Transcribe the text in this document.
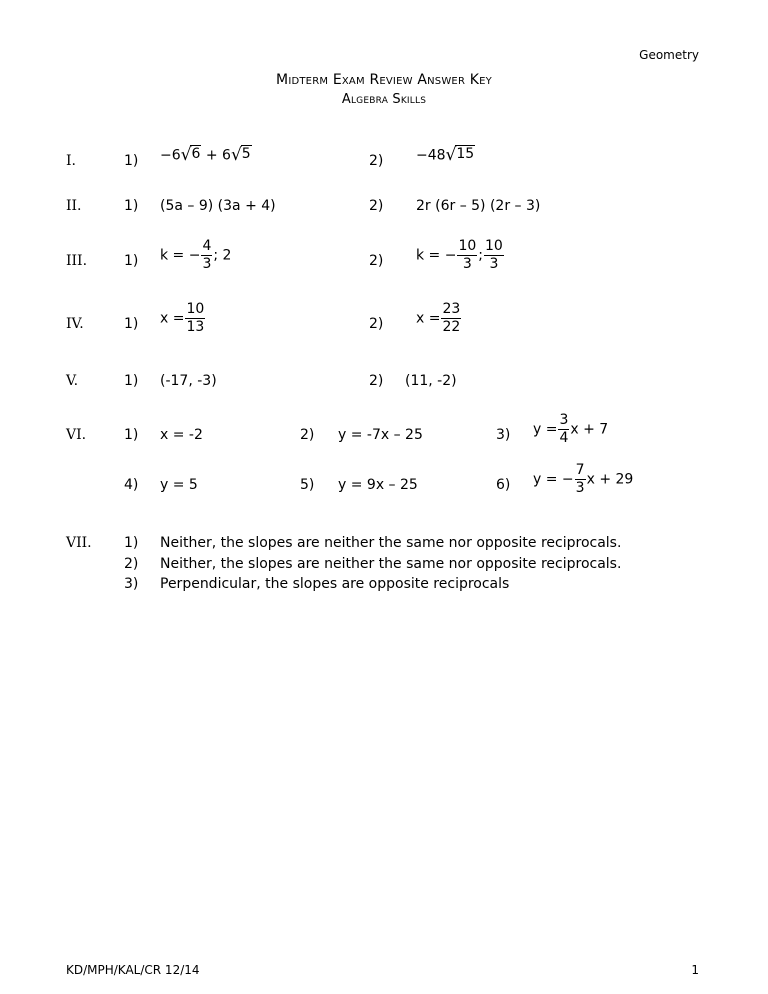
Geometry
Midterm Exam Review Answer Key
Algebra Skills
I.	1) −6 √ 6 + 6 √ 5	2) −48 √ 15
II.	1) (5a – 9) (3a + 4)	2) 2r (6r – 5) (2r – 3)
III.	1) k = − $\frac{4}{3}$ ; 2	2) k = − $\frac{10}{3}$ ; $\frac{10}{3}$
IV.	1) $x = \frac{10}{13}$	2) $x = \frac{23}{22}$
V.	1) (-17, -3)	2) (11, -2)
VI.	1) x = -2	2) y = -7x – 25	3) $y = \frac{3}{4}$ x + 7
4) y = 5	5) y = 9x – 25	6) y = − $\frac{7}{3}$ x + 29
VII. 1) Neither, the slopes are neither the same nor opposite reciprocals.
2) Neither, the slopes are neither the same nor opposite reciprocals.
3) Perpendicular, the slopes are opposite reciprocals
KD/MPH/KAL/CR 12/14	1
